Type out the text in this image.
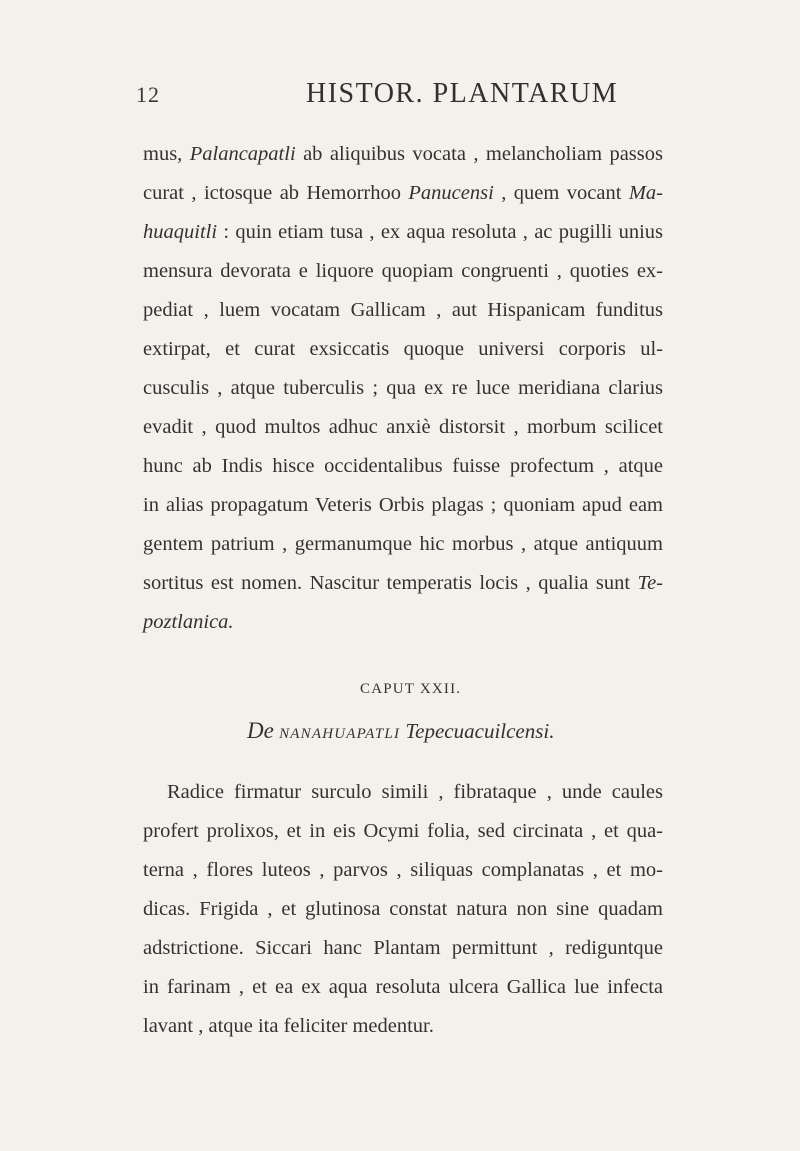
12	HISTOR. PLANTARUM
mus, Palancapatli ab aliquibus vocata , melancholiam passos
curat , ictosque ab Hemorrhoo Panucensi , quem vocant Ma-
huaquitli : quin etiam tusa , ex aqua resoluta , ac pugilli unius
mensura devorata e liquore quopiam congruenti , quoties ex-
pediat , luem vocatam Gallicam , aut Hispanicam funditus
extirpat, et curat exsiccatis quoque universi corporis ul-
cusculis , atque tuberculis ; qua ex re luce meridiana clarius
evadit , quod multos adhuc anxiè distorsit , morbum scilicet
hunc ab Indis hisce occidentalibus fuisse profectum , atque
in alias propagatum Veteris Orbis plagas ; quoniam apud eam
gentem patrium , germanumque hic morbus , atque antiquum
sortitus est nomen. Nascitur temperatis locis , qualia sunt Te-
poztlanica.
CAPUT XXII.
De NANAHUAPATLI Tepecuacuilcensi.
Radice firmatur surculo simili , fibrataque , unde caules
profert prolixos, et in eis Ocymi folia, sed circinata , et qua-
terna , flores luteos , parvos , siliquas complanatas , et mo-
dicas. Frigida , et glutinosa constat natura non sine quadam
adstrictione. Siccari hanc Plantam permittunt , rediguntque
in farinam , et ea ex aqua resoluta ulcera Gallica lue infecta
lavant , atque ita feliciter medentur.
